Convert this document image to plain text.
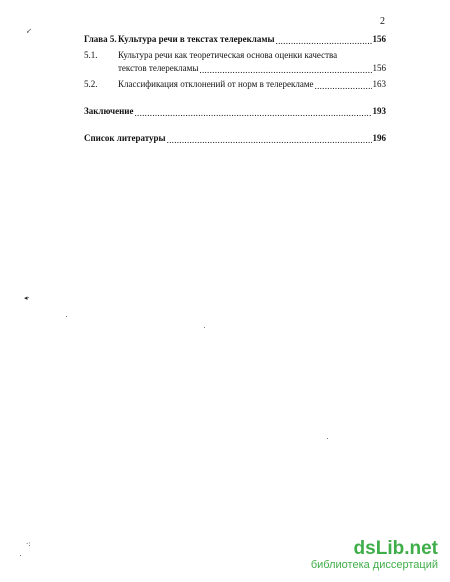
2
↙
◂·
·:
Глава 5. Культура речи в текстах телерекламы .....	156
5.1.	Культура речи как теоретическая основа оценки качества
текстов телерекламы .....	156
5.2.	Классификация отклонений от норм в телерекламе .....	163
Заключение .....	193
Список литературы .....	196
dsLib.net
библиотека диссертаций
